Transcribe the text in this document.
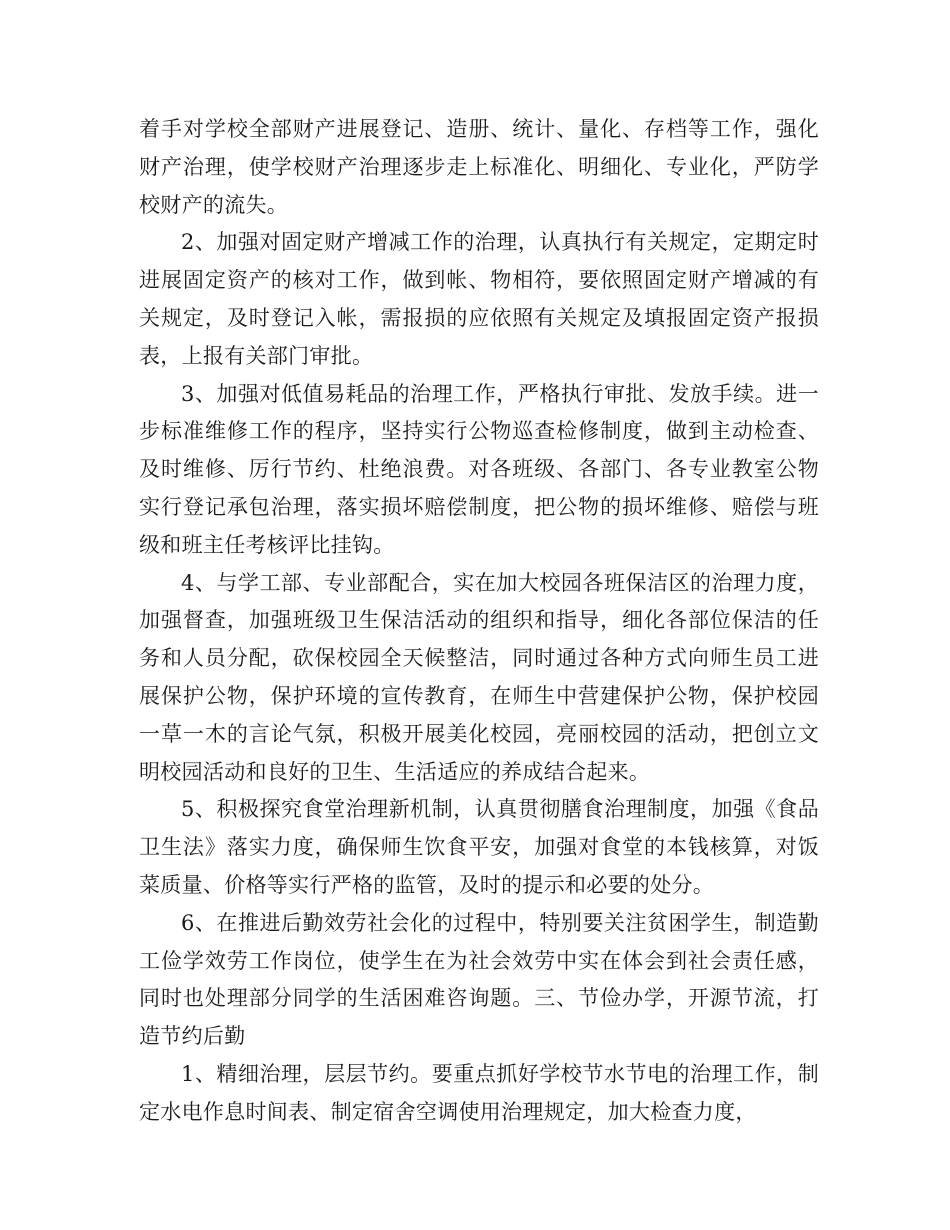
着手对学校全部财产进展登记、造册、统计、量化、存档等工作，强化财产治理，使学校财产治理逐步走上标准化、明细化、专业化，严防学校财产的流失。

2、加强对固定财产增减工作的治理，认真执行有关规定，定期定时进展固定资产的核对工作，做到帐、物相符，要依照固定财产增减的有关规定，及时登记入帐，需报损的应依照有关规定及填报固定资产报损表，上报有关部门审批。

3、加强对低值易耗品的治理工作，严格执行审批、发放手续。进一步标准维修工作的程序，坚持实行公物巡查检修制度，做到主动检查、及时维修、厉行节约、杜绝浪费。对各班级、各部门、各专业教室公物实行登记承包治理，落实损坏赔偿制度，把公物的损坏维修、赔偿与班级和班主任考核评比挂钩。

4、与学工部、专业部配合，实在加大校园各班保洁区的治理力度，加强督查，加强班级卫生保洁活动的组织和指导，细化各部位保洁的任务和人员分配，砍保校园全天候整洁，同时通过各种方式向师生员工进展保护公物，保护环境的宣传教育，在师生中营建保护公物，保护校园一草一木的言论气氛，积极开展美化校园，亮丽校园的活动，把创立文明校园活动和良好的卫生、生活适应的养成结合起来。

5、积极探究食堂治理新机制，认真贯彻膳食治理制度，加强《食品卫生法》落实力度，确保师生饮食平安，加强对食堂的本钱核算，对饭菜质量、价格等实行严格的监管，及时的提示和必要的处分。

6、在推进后勤效劳社会化的过程中，特别要关注贫困学生，制造勤工俭学效劳工作岗位，使学生在为社会效劳中实在体会到社会责任感，同时也处理部分同学的生活困难咨询题。三、节俭办学，开源节流，打造节约后勤

1、精细治理，层层节约。要重点抓好学校节水节电的治理工作，制定水电作息时间表、制定宿舍空调使用治理规定，加大检查力度，
